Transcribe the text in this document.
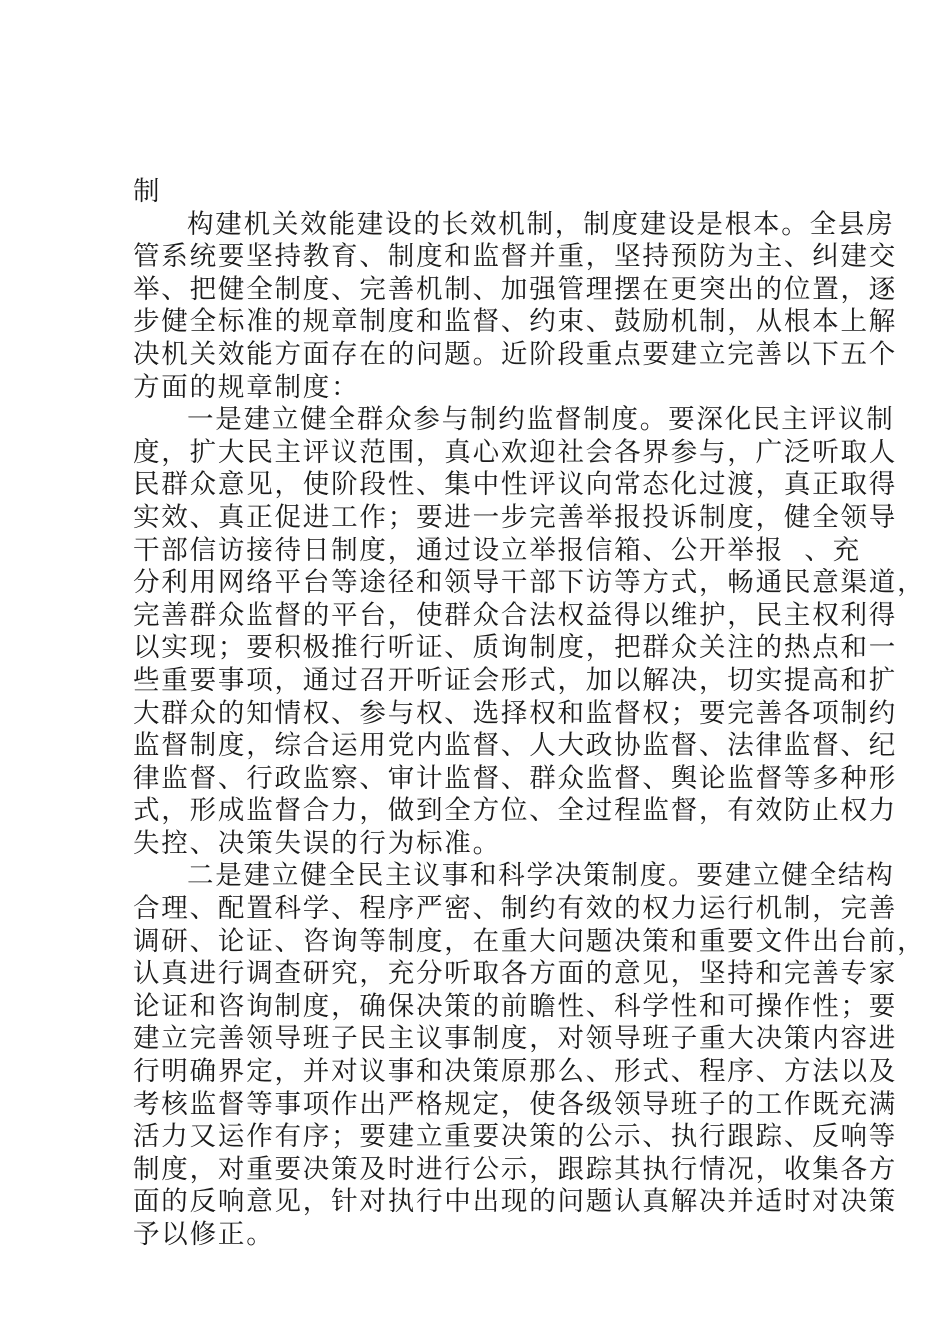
制
构建机关效能建设的长效机制，制度建设是根本。全县房
管系统要坚持教育、制度和监督并重，坚持预防为主、纠建交
举、把健全制度、完善机制、加强管理摆在更突出的位置，逐
步健全标准的规章制度和监督、约束、鼓励机制，从根本上解
决机关效能方面存在的问题。近阶段重点要建立完善以下五个
方面的规章制度：
一是建立健全群众参与制约监督制度。要深化民主评议制
度，扩大民主评议范围，真心欢迎社会各界参与，广泛听取人
民群众意见，使阶段性、集中性评议向常态化过渡，真正取得
实效、真正促进工作；要进一步完善举报投诉制度，健全领导
干部信访接待日制度，通过设立举报信箱、公开举报  、充
分利用网络平台等途径和领导干部下访等方式，畅通民意渠道，
完善群众监督的平台，使群众合法权益得以维护，民主权利得
以实现；要积极推行听证、质询制度，把群众关注的热点和一
些重要事项，通过召开听证会形式，加以解决，切实提高和扩
大群众的知情权、参与权、选择权和监督权；要完善各项制约
监督制度，综合运用党内监督、人大政协监督、法律监督、纪
律监督、行政监察、审计监督、群众监督、舆论监督等多种形
式，形成监督合力，做到全方位、全过程监督，有效防止权力
失控、决策失误的行为标准。
二是建立健全民主议事和科学决策制度。要建立健全结构
合理、配置科学、程序严密、制约有效的权力运行机制，完善
调研、论证、咨询等制度，在重大问题决策和重要文件出台前，
认真进行调查研究，充分听取各方面的意见，坚持和完善专家
论证和咨询制度，确保决策的前瞻性、科学性和可操作性；要
建立完善领导班子民主议事制度，对领导班子重大决策内容进
行明确界定，并对议事和决策原那么、形式、程序、方法以及
考核监督等事项作出严格规定，使各级领导班子的工作既充满
活力又运作有序；要建立重要决策的公示、执行跟踪、反响等
制度，对重要决策及时进行公示，跟踪其执行情况，收集各方
面的反响意见，针对执行中出现的问题认真解决并适时对决策
予以修正。
